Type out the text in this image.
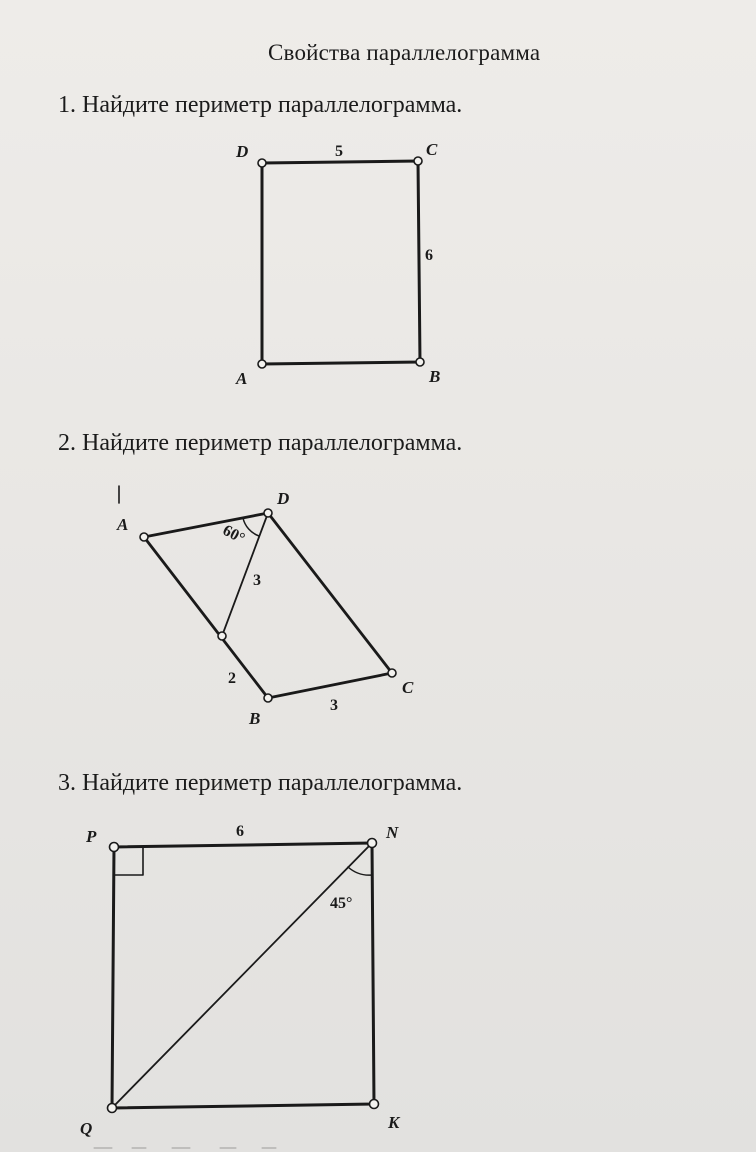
Свойства параллелограмма
1. Найдите периметр параллелограмма.
2. Найдите периметр параллелограмма.
3. Найдите периметр параллелограмма.
D	C
B
A
5
6
A
D
C
B
60°
3
2
3
P	N
K
Q
6
45°
